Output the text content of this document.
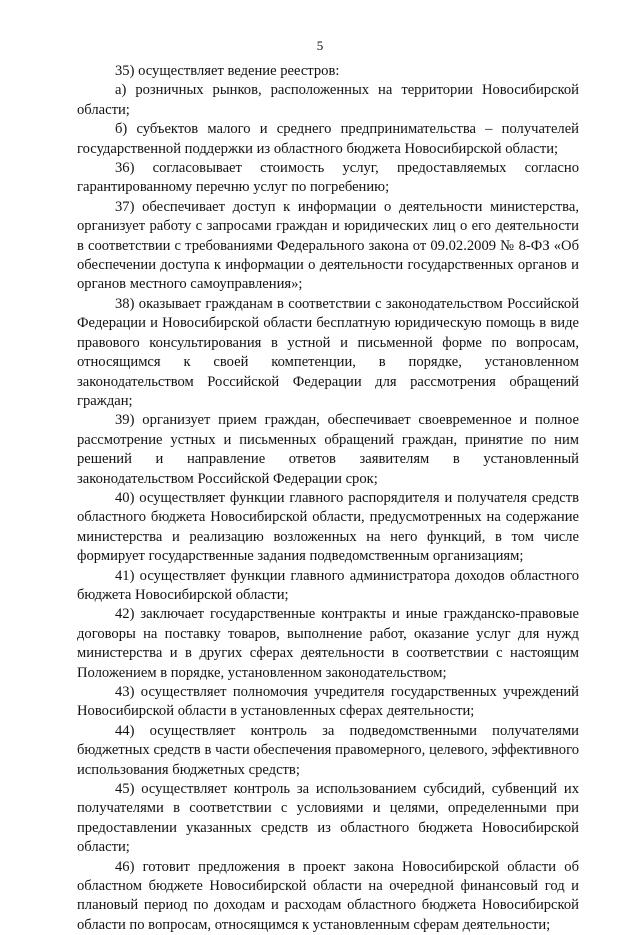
5

35) осуществляет ведение реестров:

а) розничных рынков, расположенных на территории Новосибирской области;

б) субъектов малого и среднего предпринимательства – получателей государственной поддержки из областного бюджета Новосибирской области;

36) согласовывает стоимость услуг, предоставляемых согласно гарантированному перечню услуг по погребению;

37) обеспечивает доступ к информации о деятельности министерства, организует работу с запросами граждан и юридических лиц о его деятельности в соответствии с требованиями Федерального закона от 09.02.2009 № 8-ФЗ «Об обеспечении доступа к информации о деятельности государственных органов и органов местного самоуправления»;

38) оказывает гражданам в соответствии с законодательством Российской Федерации и Новосибирской области бесплатную юридическую помощь в виде правового консультирования в устной и письменной форме по вопросам, относящимся к своей компетенции, в порядке, установленном законодательством Российской Федерации для рассмотрения обращений граждан;

39) организует прием граждан, обеспечивает своевременное и полное рассмотрение устных и письменных обращений граждан, принятие по ним решений и направление ответов заявителям в установленный законодательством Российской Федерации срок;

40) осуществляет функции главного распорядителя и получателя средств областного бюджета Новосибирской области, предусмотренных на содержание министерства и реализацию возложенных на него функций, в том числе формирует государственные задания подведомственным организациям;

41) осуществляет функции главного администратора доходов областного бюджета Новосибирской области;

42) заключает государственные контракты и иные гражданско-правовые договоры на поставку товаров, выполнение работ, оказание услуг для нужд министерства и в других сферах деятельности в соответствии с настоящим Положением в порядке, установленном законодательством;

43) осуществляет полномочия учредителя государственных учреждений Новосибирской области в установленных сферах деятельности;

44) осуществляет контроль за подведомственными получателями бюджетных средств в части обеспечения правомерного, целевого, эффективного использования бюджетных средств;

45) осуществляет контроль за использованием субсидий, субвенций их получателями в соответствии с условиями и целями, определенными при предоставлении указанных средств из областного бюджета Новосибирской области;

46) готовит предложения в проект закона Новосибирской области об областном бюджете Новосибирской области на очередной финансовый год и плановый период по доходам и расходам областного бюджета Новосибирской области по вопросам, относящимся к установленным сферам деятельности;
